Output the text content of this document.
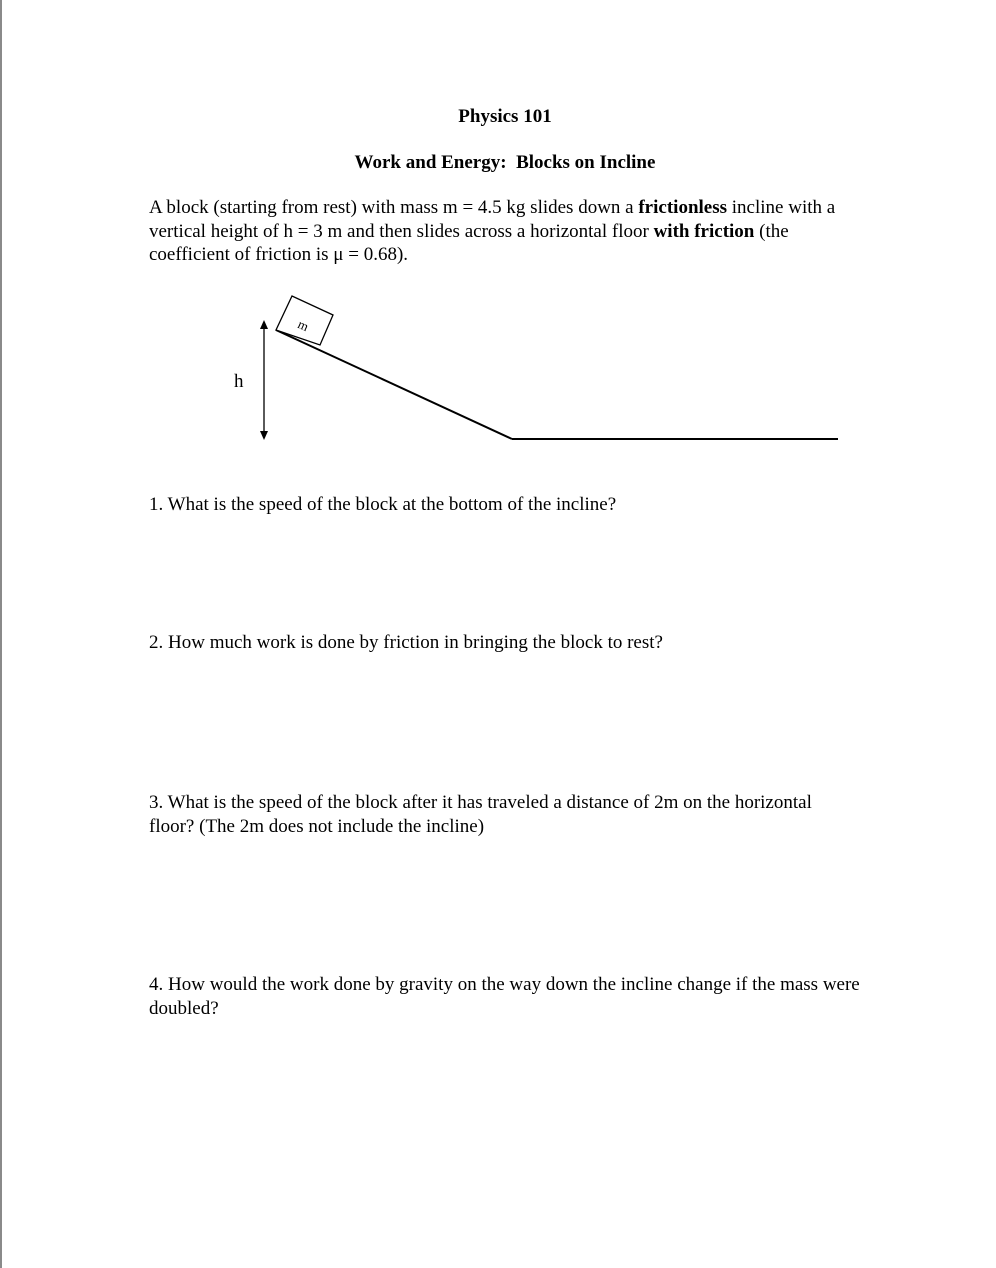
Physics 101
Work and Energy:  Blocks on Incline
A block (starting from rest) with mass m = 4.5 kg slides down a frictionless incline with a vertical height of h = 3 m and then slides across a horizontal floor with friction (the coefficient of friction is μ = 0.68).
m
h
1. What is the speed of the block at the bottom of the incline?
2. How much work is done by friction in bringing the block to rest?
3. What is the speed of the block after it has traveled a distance of 2m on the horizontal floor? (The 2m does not include the incline)
4. How would the work done by gravity on the way down the incline change if the mass were doubled?
